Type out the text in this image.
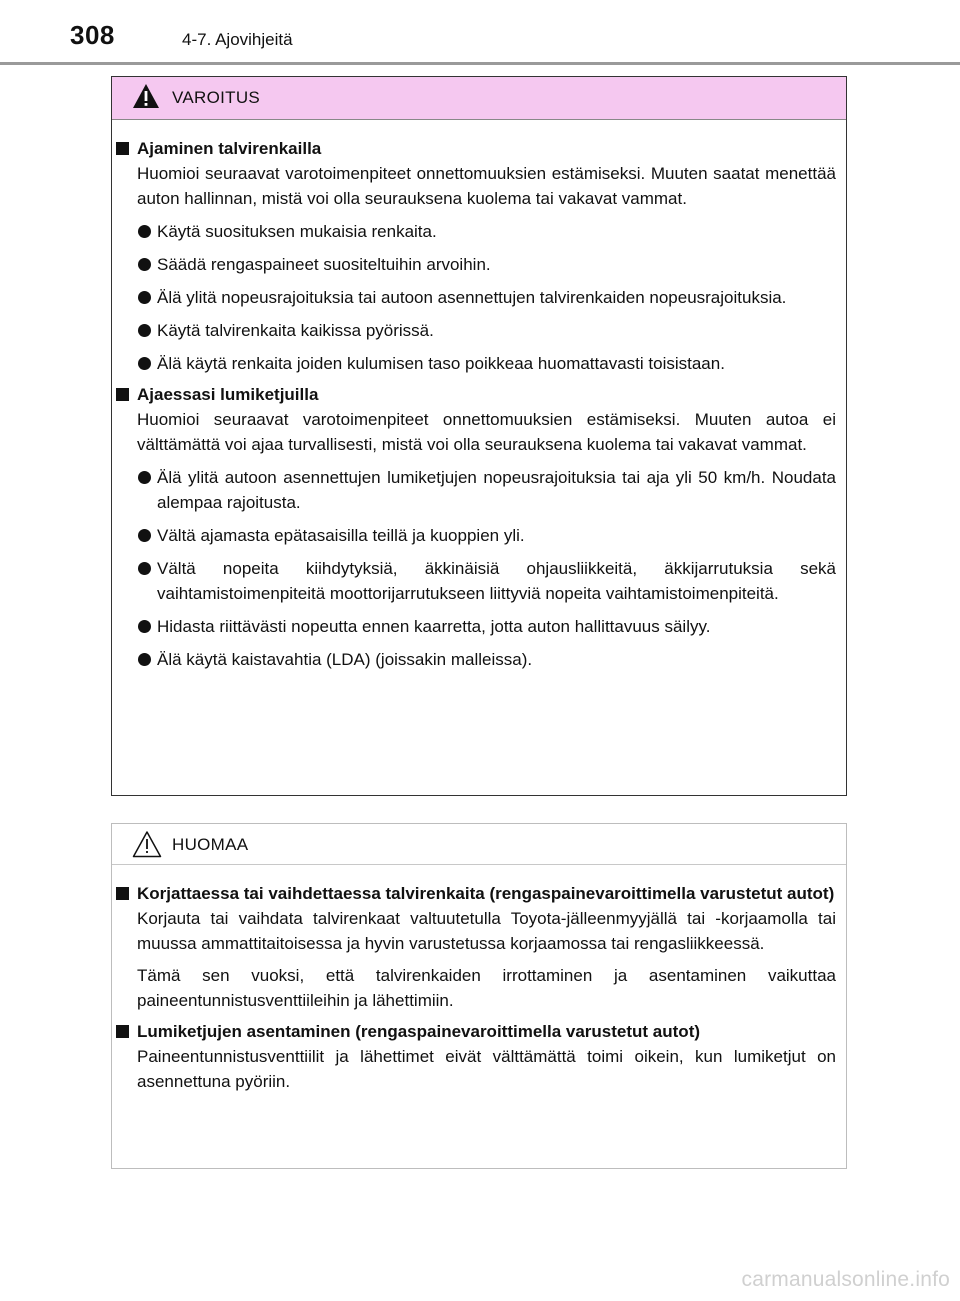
308	4-7. Ajovihjeitä
VAROITUS
Ajaminen talvirenkailla
Huomioi seuraavat varotoimenpiteet onnettomuuksien estämiseksi. Muuten saatat menettää auton hallinnan, mistä voi olla seurauksena kuolema tai vakavat vammat.
Käytä suosituksen mukaisia renkaita.
Säädä rengaspaineet suositeltuihin arvoihin.
Älä ylitä nopeusrajoituksia tai autoon asennettujen talvirenkaiden nopeusrajoituksia.
Käytä talvirenkaita kaikissa pyörissä.
Älä käytä renkaita joiden kulumisen taso poikkeaa huomattavasti toisistaan.
Ajaessasi lumiketjuilla
Huomioi seuraavat varotoimenpiteet onnettomuuksien estämiseksi. Muuten autoa ei välttämättä voi ajaa turvallisesti, mistä voi olla seurauksena kuolema tai vakavat vammat.
Älä ylitä autoon asennettujen lumiketjujen nopeusrajoituksia tai aja yli 50 km/h. Noudata alempaa rajoitusta.
Vältä ajamasta epätasaisilla teillä ja kuoppien yli.
Vältä nopeita kiihdytyksiä, äkkinäisiä ohjausliikkeitä, äkkijarrutuksia sekä vaihtamistoimenpiteitä moottorijarrutukseen liittyviä nopeita vaihtamistoimenpiteitä.
Hidasta riittävästi nopeutta ennen kaarretta, jotta auton hallittavuus säilyy.
Älä käytä kaistavahtia (LDA) (joissakin malleissa).
HUOMAA
Korjattaessa tai vaihdettaessa talvirenkaita (rengaspainevaroittimella varustetut autot)
Korjauta tai vaihdata talvirenkaat valtuutetulla Toyota-jälleenmyyjällä tai -korjaamolla tai muussa ammattitaitoisessa ja hyvin varustetussa korjaamossa tai rengasliikkeessä.
Tämä sen vuoksi, että talvirenkaiden irrottaminen ja asentaminen vaikuttaa paineentunnistusventtiileihin ja lähettimiin.
Lumiketjujen asentaminen (rengaspainevaroittimella varustetut autot)
Paineentunnistusventtiilit ja lähettimet eivät välttämättä toimi oikein, kun lumiketjut on asennettuna pyöriin.
carmanualsonline.info
